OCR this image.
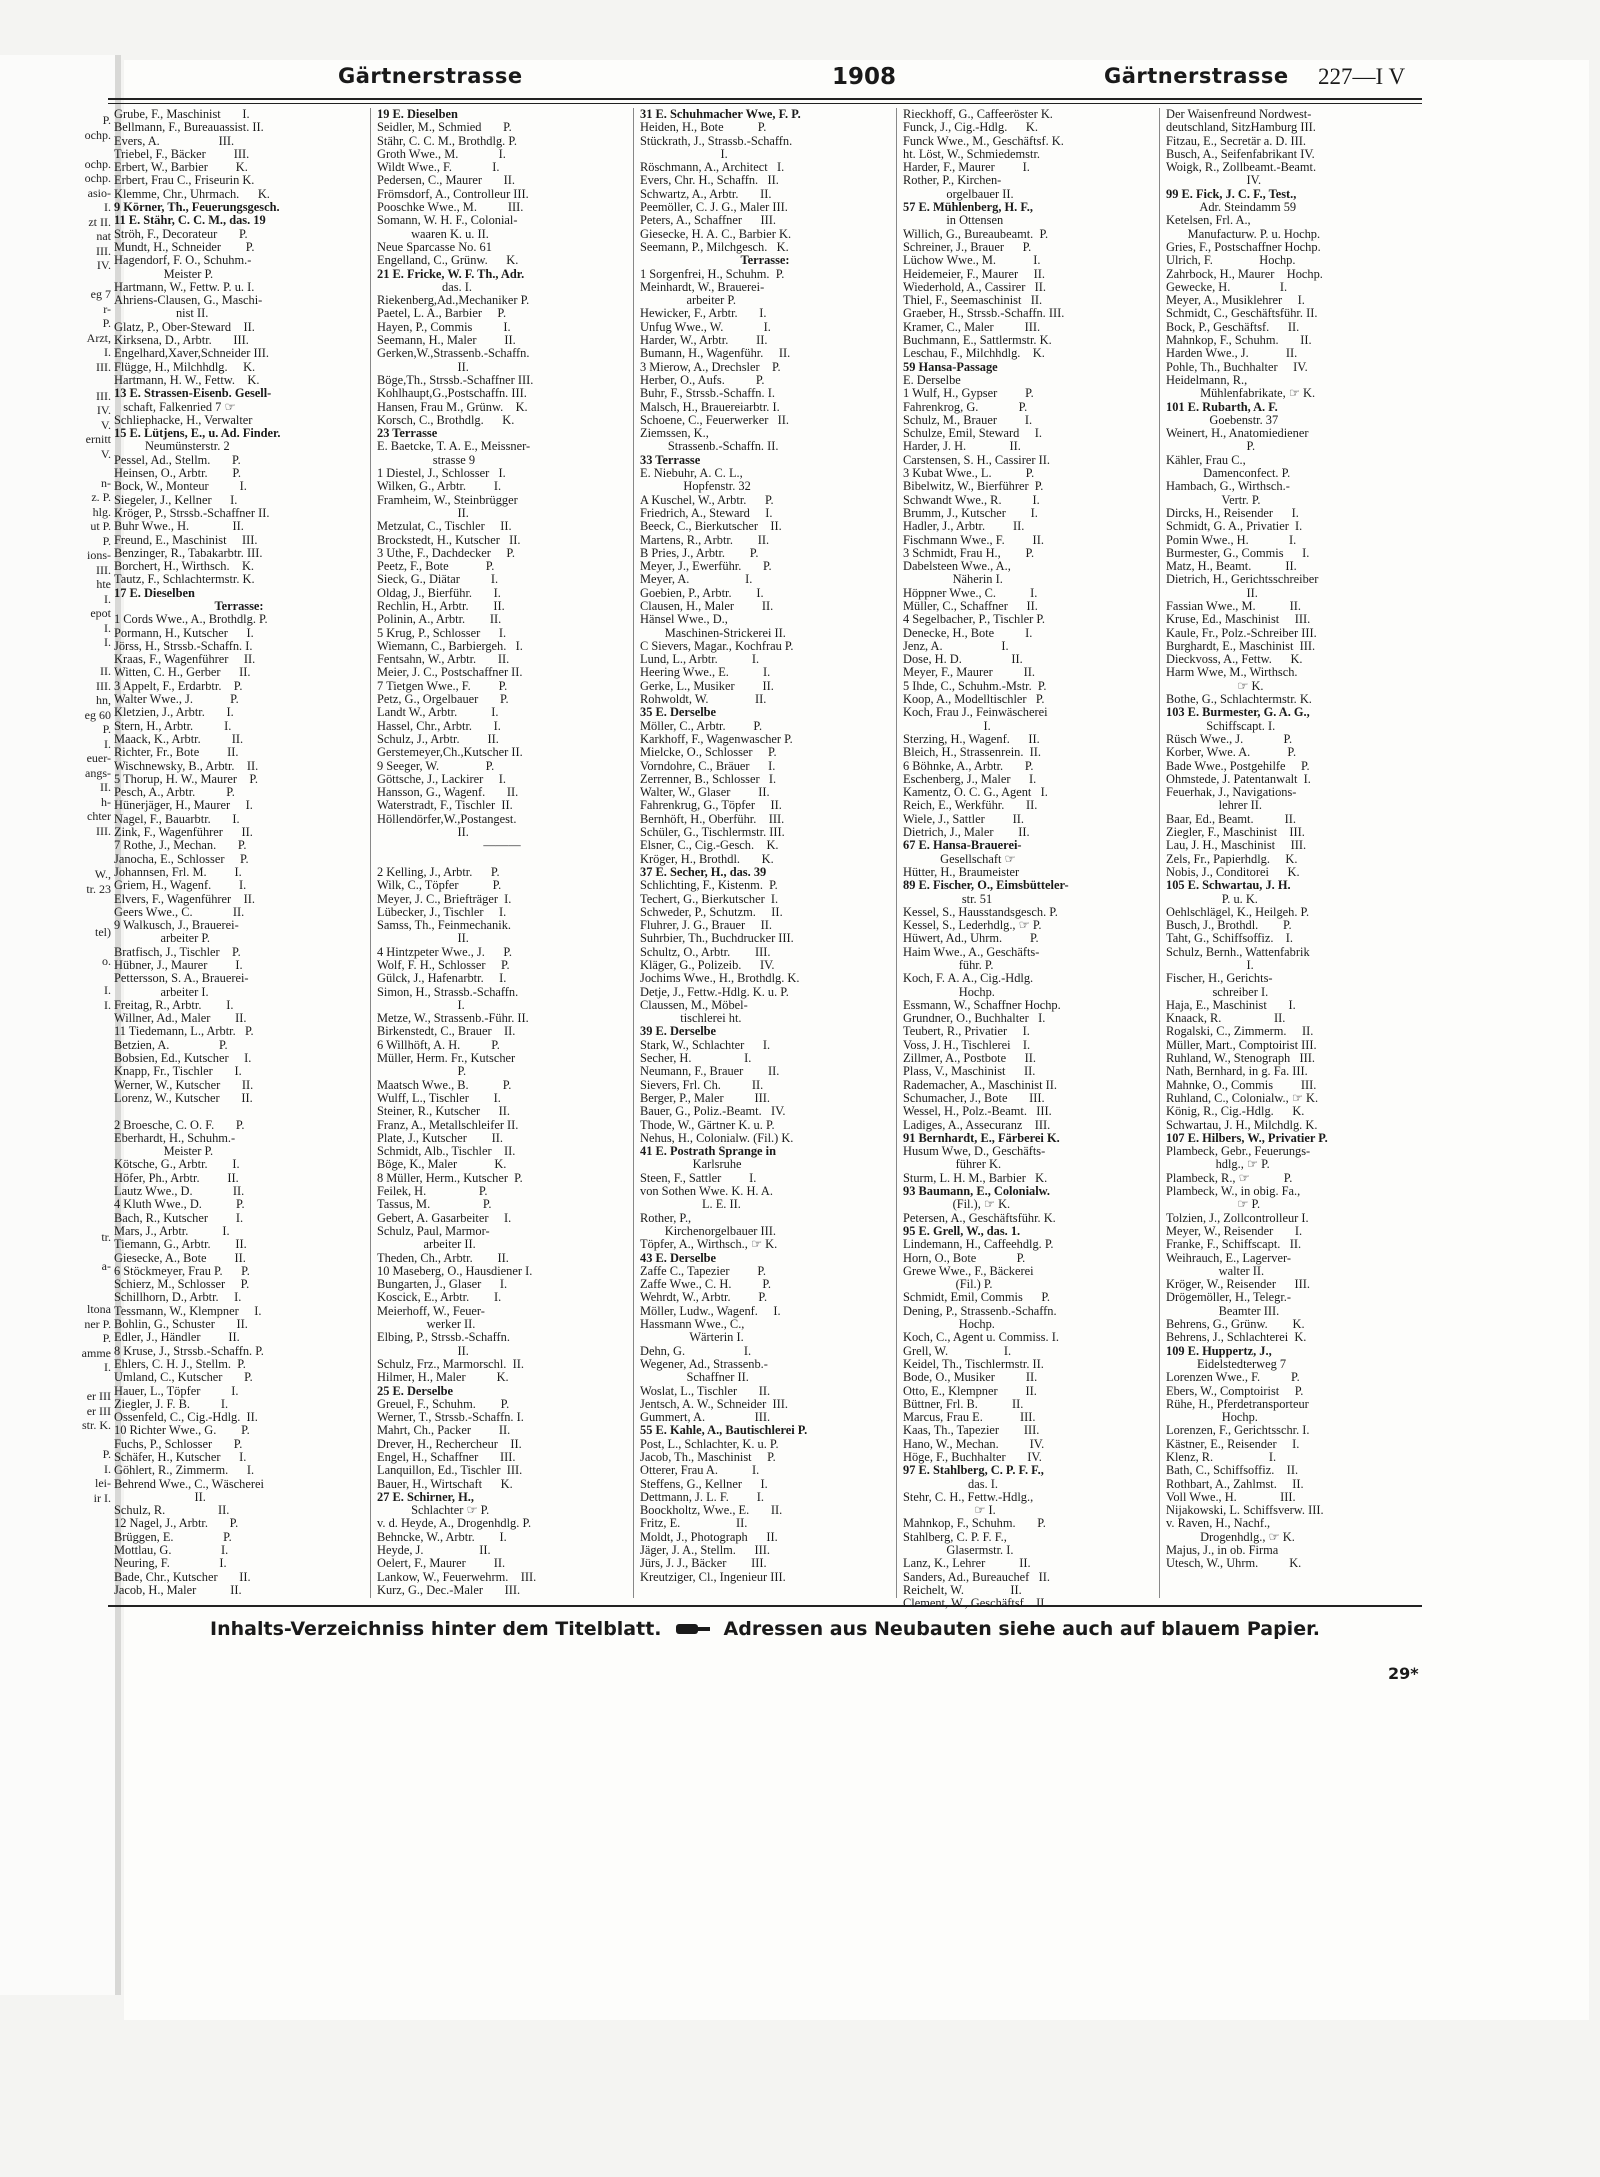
P.
ochp.

ochp.
ochp.
asio-
I.
zt II.
nat
III.
IV.

eg 7
r-
P.
Arzt,
I.
III.

III.
IV.
V.
ernitt
V.

n-
z. P.
hlg.
ut P.
P.
ions-
III.
hte
I.
epot
I.
I.

II.
III.
hn,
eg 60
P.
I.
euer-
angs-
II.
h-
chter
III.

W.,
tr. 23

tel)

o.

I.
I.

tr.

a-

ltona
ner P.
P.
amme
I.

er III
er III
str. K.

P.
I.
lei-
ir I.
Gärtnerstrasse	1908	Gärtnerstrasse 227—I V
Grube, F., Maschinist       I.
Bellmann, F., Bureauassist. II.
Evers, A.                   III.
Triebel, F., Bäcker         III.
Erbert, W., Barbier         K.
Erbert, Frau C., Friseurin K.
Klemme, Chr., Uhrmach.      K.
9 Körner, Th., Feuerungsgesch.
11 E. Stähr, C. C. M., das. 19
Ströh, F., Decorateur       P.
Mundt, H., Schneider        P.
Hagendorf, F. O., Schuhm.-
Meister P.
Hartmann, W., Fettw. P. u. I.
Ahriens-Clausen, G., Maschi-
nist II.
Glatz, P., Ober-Steward    II.
Kirksena, D., Arbtr.       III.
Engelhard,Xaver,Schneider III.
Flügge, H., Milchhdlg.     K.
Hartmann, H. W., Fettw.    K.
13 E. Strassen-Eisenb. Gesell-
schaft, Falkenried 7 ☞
Schliephacke, H., Verwalter
15 E. Lütjens, E., u. Ad. Finder.
Neumünsterstr. 2
Pessel, Ad., Stellm.       P.
Heinsen, O., Arbtr.        P.
Bock, W., Monteur          I.
Siegeler, J., Kellner      I.
Kröger, P., Strssb.-Schaffner II.
Buhr Wwe., H.              II.
Freund, E., Maschinist     III.
Benzinger, R., Tabakarbtr. III.
Borchert, H., Wirthsch.    K.
Tautz, F., Schlachtermstr. K.
17 E. Dieselben
Terrasse:
1 Cords Wwe., A., Brothdlg. P.
Pormann, H., Kutscher      I.
Jörss, H., Strssb.-Schaffn. I.
Kraas, F., Wagenführer     II.
Witten, C. H., Gerber      II.
3 Appelt, F., Erdarbtr.    P.
Walter Wwe., J.            P.
Kletzien, J., Arbtr.       I.
Stern, H., Arbtr.          I.
Maack, K., Arbtr.          II.
Richter, Fr., Bote         II.
Wischnewsky, B., Arbtr.    II.
5 Thorup, H. W., Maurer    P.
Pesch, A., Arbtr.          P.
Hünerjäger, H., Maurer     I.
Nagel, F., Bauarbtr.       I.
Zink, F., Wagenführer      II.
7 Rothe, J., Mechan.       P.
Janocha, E., Schlosser     P.
Johannsen, Frl. M.         I.
Griem, H., Wagenf.         I.
Elvers, F., Wagenführer    II.
Geers Wwe., C.             II.
9 Walkusch, J., Brauerei-
arbeiter P.
Bratfisch, J., Tischler    P.
Hübner, J., Maurer         I.
Pettersson, S. A., Brauerei-
arbeiter I.
Freitag, R., Arbtr.        I.
Willner, Ad., Maler        II.
11 Tiedemann, L., Arbtr.   P.
Betzien, A.                P.
Bobsien, Ed., Kutscher     I.
Knapp, Fr., Tischler       I.
Werner, W., Kutscher       II.
Lorenz, W., Kutscher       II.

2 Broesche, C. O. F.       P.
Eberhardt, H., Schuhm.-
Meister P.
Kötsche, G., Arbtr.        I.
Höfer, Ph., Arbtr.         II.
Lautz Wwe., D.             II.
4 Kluth Wwe., D.           P.
Bach, R., Kutscher         I.
Mars, J., Arbtr.           I.
Tiemann, G., Arbtr.        II.
Giesecke, A., Bote         II.
6 Stöckmeyer, Frau P.      P.
Schierz, M., Schlosser     P.
Schillhorn, D., Arbtr.     I.
Tessmann, W., Klempner     I.
Bohlin, G., Schuster       II.
Edler, J., Händler         II.
8 Kruse, J., Strssb.-Schaffn. P.
Ehlers, C. H. J., Stellm.  P.
Umland, C., Kutscher       P.
Hauer, L., Töpfer          I.
Ziegler, J. F. B.          I.
Ossenfeld, C., Cig.-Hdlg.  II.
10 Richter Wwe., G.        P.
Fuchs, P., Schlosser       P.
Schäfer, H., Kutscher      I.
Göhlert, R., Zimmerm.      I.
Behrend Wwe., C., Wäscherei
II.
Schulz, R.                 II.
12 Nagel, J., Arbtr.       P.
Brüggen, E.                P.
Mottlau, G.                I.
Neuring, F.                I.
Bade, Chr., Kutscher       II.
Jacob, H., Maler           II.
19 E. Dieselben
Seidler, M., Schmied       P.
Stähr, C. C. M., Brothdlg. P.
Groth Wwe., M.             I.
Wildt Wwe., F.             I.
Pedersen, C., Maurer       II.
Frömsdorf, A., Controlleur III.
Pooschke Wwe., M.          III.
Somann, W. H. F., Colonial-
waaren K. u. II.
Neue Sparcasse No. 61
Engelland, C., Grünw.      K.
21 E. Fricke, W. F. Th., Adr.
das. I.
Riekenberg,Ad.,Mechaniker P.
Paetel, L. A., Barbier     P.
Hayen, P., Commis          I.
Seemann, H., Maler         II.
Gerken,W.,Strassenb.-Schaffn.
II.
Böge,Th., Strssb.-Schaffner III.
Kohlhaupt,G.,Postschaffn. III.
Hansen, Frau M., Grünw.    K.
Korsch, C., Brothdlg.      K.
23 Terrasse
E. Baetcke, T. A. E., Meissner-
strasse 9
1 Diestel, J., Schlosser   I.
Wilken, G., Arbtr.         I.
Framheim, W., Steinbrügger
II.
Metzulat, C., Tischler     II.
Brockstedt, H., Kutscher   II.
3 Uthe, F., Dachdecker     P.
Peetz, F., Bote            P.
Sieck, G., Diätar          I.
Oldag, J., Bierführ.       I.
Rechlin, H., Arbtr.        II.
Polinin, A., Arbtr.        II.
5 Krug, P., Schlosser      I.
Wiemann, C., Barbiergeh.   I.
Fentsahn, W., Arbtr.       II.
Meier, J. C., Postschaffner II.
7 Tietgen Wwe., F.         P.
Petz, G., Orgelbauer       P.
Landt W., Arbtr.           I.
Hassel, Chr., Arbtr.       I.
Schulz, J., Arbtr.         II.
Gerstemeyer,Ch.,Kutscher II.
9 Seeger, W.               P.
Göttsche, J., Lackirer     I.
Hansson, G., Wagenf.       II.
Waterstradt, F., Tischler  II.
Höllendörfer,W.,Postangest.
II.
———

2 Kelling, J., Arbtr.      P.
Wilk, C., Töpfer           P.
Meyer, J. C., Briefträger  I.
Lübecker, J., Tischler     I.
Samss, Th., Feinmechanik.
II.
4 Hintzpeter Wwe., J.      P.
Wolf, F. H., Schlosser     P.
Gülck, J., Hafenarbtr.     I.
Simon, H., Strassb.-Schaffn.
I.
Metze, W., Strassenb.-Führ. II.
Birkenstedt, C., Brauer    II.
6 Willhöft, A. H.          P.
Müller, Herm. Fr., Kutscher
P.
Maatsch Wwe., B.           P.
Wulff, L., Tischler        I.
Steiner, R., Kutscher      II.
Franz, A., Metallschleifer II.
Plate, J., Kutscher        II.
Schmidt, Alb., Tischler    II.
Böge, K., Maler            K.
8 Müller, Herm., Kutscher  P.
Feilek, H.                 P.
Tassus, M.                 P.
Gebert, A. Gasarbeiter     I.
Schulz, Paul, Marmor-
arbeiter II.
Theden, Ch., Arbtr.        II.
10 Maseberg, O., Hausdiener I.
Bungarten, J., Glaser      I.
Koscick, E., Arbtr.        I.
Meierhoff, W., Feuer-
werker II.
Elbing, P., Strssb.-Schaffn.
II.
Schulz, Frz., Marmorschl.  II.
Hilmer, H., Maler          K.
25 E. Derselbe
Greuel, F., Schuhm.        P.
Werner, T., Strssb.-Schaffn. I.
Mahrt, Ch., Packer         II.
Drever, H., Rechercheur    II.
Engel, H., Schaffner       III.
Lanquillon, Ed., Tischler  III.
Bauer, H., Wirtschaft      K.
27 E. Schirner, H.,
Schlachter ☞ P.
v. d. Heyde, A., Drogenhdlg. P.
Behncke, W., Arbtr.        I.
Heyde, J.                  II.
Oelert, F., Maurer         II.
Lankow, W., Feuerwehrm.    III.
Kurz, G., Dec.-Maler       III.
31 E. Schuhmacher Wwe, F. P.
Heiden, H., Bote           P.
Stückrath, J., Strassb.-Schaffn.
I.
Röschmann, A., Architect   I.
Evers, Chr. H., Schaffn.   II.
Schwartz, A., Arbtr.       II.
Peemöller, C. J. G., Maler III.
Peters, A., Schaffner      III.
Giesecke, H. A. C., Barbier K.
Seemann, P., Milchgesch.   K.
Terrasse:
1 Sorgenfrei, H., Schuhm.  P.
Meinhardt, W., Brauerei-
arbeiter P.
Hewicker, F., Arbtr.       I.
Unfug Wwe., W.             I.
Harder, W., Arbtr.         II.
Bumann, H., Wagenführ.     II.
3 Mierow, A., Drechsler    P.
Herber, O., Aufs.          P.
Buhr, F., Strssb.-Schaffn. I.
Malsch, H., Brauereiarbtr. I.
Schoene, C., Feuerwerker   II.
Ziemssen, K.,
Strassenb.-Schaffn. II.
33 Terrasse
E. Niebuhr, A. C. L.,
Hopfenstr. 32
A Kuschel, W., Arbtr.      P.
Friedrich, A., Steward     I.
Beeck, C., Bierkutscher    II.
Martens, R., Arbtr.        II.
B Pries, J., Arbtr.        P.
Meyer, J., Ewerführ.       P.
Meyer, A.                  I.
Goebien, P., Arbtr.        I.
Clausen, H., Maler         II.
Hänsel Wwe., D.,
Maschinen-Strickerei II.
C Sievers, Magar., Kochfrau P.
Lund, L., Arbtr.           I.
Heering Wwe., E.           I.
Gerke, L., Musiker         II.
Rohwoldt, W.               II.
35 E. Derselbe
Möller, C., Arbtr.         P.
Karkhoff, F., Wagenwascher P.
Mielcke, O., Schlosser     P.
Vorndohre, C., Bräuer      I.
Zerrenner, B., Schlosser   I.
Walter, W., Glaser         II.
Fahrenkrug, G., Töpfer     II.
Bernhöft, H., Oberführ.    III.
Schüler, G., Tischlermstr. III.
Elsner, C., Cig.-Gesch.    K.
Kröger, H., Brothdl.       K.
37 E. Secher, H., das. 39
Schlichting, F., Kistenm.  P.
Techert, G., Bierkutscher  I.
Schweder, P., Schutzm.     II.
Fluhrer, J. G., Brauer     II.
Suhrbier, Th., Buchdrucker III.
Schultz, O., Arbtr.        III.
Kläger, G., Polizeib.      IV.
Jochims Wwe., H., Brothdlg. K.
Detje, J., Fettw.-Hdlg. K. u. P.
Claussen, M., Möbel-
tischlerei ht.
39 E. Derselbe
Stark, W., Schlachter      I.
Secher, H.                 I.
Neumann, F., Brauer        II.
Sievers, Frl. Ch.          II.
Berger, P., Maler          III.
Bauer, G., Poliz.-Beamt.   IV.
Thode, W., Gärtner K. u. P.
Nehus, H., Colonialw. (Fil.) K.
41 E. Postrath Sprange in
Karlsruhe
Steen, F., Sattler         I.
von Sothen Wwe. K. H. A.
L. E. II.
Rother, P.,
Kirchenorgelbauer III.
Töpfer, A., Wirthsch., ☞ K.
43 E. Derselbe
Zaffe C., Tapezier         P.
Zaffe Wwe., C. H.          P.
Wehrdt, W., Arbtr.         P.
Möller, Ludw., Wagenf.     I.
Hassmann Wwe., C.,
Wärterin I.
Dehn, G.                   I.
Wegener, Ad., Strassenb.-
Schaffner II.
Woslat, L., Tischler       II.
Jentsch, A. W., Schneider  III.
Gummert, A.                III.
55 E. Kahle, A., Bautischlerei P.
Post, L., Schlachter, K. u. P.
Jacob, Th., Maschinist     P.
Otterer, Frau A.           I.
Steffens, G., Kellner      I.
Dettmann, J. L. F.         I.
Boockholtz, Wwe., E.       II.
Fritz, E.                  II.
Moldt, J., Photograph      II.
Jäger, J. A., Stellm.      III.
Jürs, J. J., Bäcker        III.
Kreutziger, Cl., Ingenieur III.
Rieckhoff, G., Caffeeröster K.
Funck, J., Cig.-Hdlg.      K.
Funck Wwe., M., Geschäftsf. K.
ht. Löst, W., Schmiedemstr.
Harder, F., Maurer         I.
Rother, P., Kirchen-
orgelbauer II.
57 E. Mühlenberg, H. F.,
in Ottensen
Willich, G., Bureaubeamt.  P.
Schreiner, J., Brauer      P.
Lüchow Wwe., M.            I.
Heidemeier, F., Maurer     II.
Wiederhold, A., Cassirer   II.
Thiel, F., Seemaschinist   II.
Graeber, H., Strssb.-Schaffn. III.
Kramer, C., Maler          III.
Buchmann, E., Sattlermstr. K.
Leschau, F., Milchhdlg.    K.
59 Hansa-Passage
E. Derselbe
1 Wulf, H., Gypser         P.
Fahrenkrog, G.             P.
Schulz, M., Brauer         I.
Schulze, Emil, Steward     I.
Harder, J. H.              II.
Carstensen, S. H., Cassirer II.
3 Kubat Wwe., L.           P.
Bibelwitz, W., Bierführer  P.
Schwandt Wwe., R.          I.
Brumm, J., Kutscher        I.
Hadler, J., Arbtr.         II.
Fischmann Wwe., F.         II.
3 Schmidt, Frau H.,        P.
Dabelsteen Wwe., A.,
Näherin I.
Höppner Wwe., C.           I.
Müller, C., Schaffner      II.
4 Segelbacher, P., Tischler P.
Denecke, H., Bote          I.
Jenz, A.                   I.
Dose, H. D.                II.
Meyer, F., Maurer          II.
5 Ihde, C., Schuhm.-Mstr.  P.
Koop, A., Modelltischler   P.
Koch, Frau J., Feinwäscherei
I.
Sterzing, H., Wagenf.      II.
Bleich, H., Strassenrein.  II.
6 Böhnke, A., Arbtr.       P.
Eschenberg, J., Maler      I.
Kamentz, O. C. G., Agent   I.
Reich, E., Werkführ.       II.
Wiele, J., Sattler         II.
Dietrich, J., Maler        II.
67 E. Hansa-Brauerei-
Gesellschaft ☞
Hütter, H., Braumeister
89 E. Fischer, O., Eimsbütteler-
str. 51
Kessel, S., Hausstandsgesch. P.
Kessel, S., Lederhdlg., ☞ P.
Hüwert, Ad., Uhrm.         P.
Haim Wwe., A., Geschäfts-
führ. P.
Koch, F. A. A., Cig.-Hdlg.
Hochp.
Essmann, W., Schaffner Hochp.
Grundner, O., Buchhalter   I.
Teubert, R., Privatier     I.
Voss, J. H., Tischlerei    I.
Zillmer, A., Postbote      II.
Plass, V., Maschinist      II.
Rademacher, A., Maschinist II.
Schumacher, J., Bote       III.
Wessel, H., Polz.-Beamt.   III.
Ladiges, A., Assecuranz    III.
91 Bernhardt, E., Färberei K.
Husum Wwe, D., Geschäfts-
führer K.
Sturm, L. H. M., Barbier   K.
93 Baumann, E., Colonialw.
(Fil.), ☞ K.
Petersen, A., Geschäftsführ. K.
95 E. Grell, W., das. 1.
Lindemann, H., Caffeehdlg. P.
Horn, O., Bote             P.
Grewe Wwe., F., Bäckerei
(Fil.) P.
Schmidt, Emil, Commis      P.
Dening, P., Strassenb.-Schaffn.
Hochp.
Koch, C., Agent u. Commiss. I.
Grell, W.                  I.
Keidel, Th., Tischlermstr. II.
Bode, O., Musiker          II.
Otto, E., Klempner         II.
Büttner, Frl. B.           II.
Marcus, Frau E.            III.
Kaas, Th., Tapezier        III.
Hano, W., Mechan.          IV.
Höge, F., Buchhalter       IV.
97 E. Stahlberg, C. P. F. F.,
das. I.
Stehr, C. H., Fettw.-Hdlg.,
☞ I.
Mahnkop, F., Schuhm.       P.
Stahlberg, C. P. F. F.,
Glasermstr. I.
Lanz, K., Lehrer           II.
Sanders, Ad., Bureauchef   II.
Reichelt, W.               II.
Clement, W., Geschäftsf.   II.
Der Waisenfreund Nordwest-
deutschland, SitzHamburg III.
Fitzau, E., Secretär a. D. III.
Busch, A., Seifenfabrikant IV.
Woigk, R., Zollbeamt.-Beamt.
IV.
99 E. Fick, J. C. F., Test.,
Adr. Steindamm 59
Ketelsen, Frl. A.,
Manufacturw. P. u. Hochp.
Gries, F., Postschaffner Hochp.
Ulrich, F.               Hochp.
Zahrbock, H., Maurer    Hochp.
Gewecke, H.                I.
Meyer, A., Musiklehrer     I.
Schmidt, C., Geschäftsführ. II.
Bock, P., Geschäftsf.      II.
Mahnkop, F., Schuhm.       II.
Harden Wwe., J.            II.
Pohle, Th., Buchhalter     IV.
Heidelmann, R.,
Mühlenfabrikate, ☞ K.
101 E. Rubarth, A. F.
Goebenstr. 37
Weinert, H., Anatomiediener
P.
Kähler, Frau C.,
Damenconfect. P.
Hambach, G., Wirthsch.-
Vertr. P.
Dircks, H., Reisender      I.
Schmidt, G. A., Privatier  I.
Pomin Wwe., H.             I.
Burmester, G., Commis      I.
Matz, H., Beamt.           II.
Dietrich, H., Gerichtsschreiber
II.
Fassian Wwe., M.           II.
Kruse, Ed., Maschinist     III.
Kaule, Fr., Polz.-Schreiber III.
Burghardt, E., Maschinist  III.
Dieckvoss, A., Fettw.      K.
Harm Wwe, M., Wirthsch.
☞ K.
Bothe, G., Schlachtermstr. K.
103 E. Burmester, G. A. G.,
Schiffscapt. I.
Rüsch Wwe., J.             P.
Korber, Wwe. A.            P.
Bade Wwe., Postgehilfe     P.
Ohmstede, J. Patentanwalt  I.
Feuerhak, J., Navigations-
lehrer II.
Baar, Ed., Beamt.          II.
Ziegler, F., Maschinist    III.
Lau, J. H., Maschinist     III.
Zels, Fr., Papierhdlg.     K.
Nobis, J., Conditorei      K.
105 E. Schwartau, J. H.
P. u. K.
Oehlschlägel, K., Heilgeh. P.
Busch, J., Brothdl.        P.
Taht, G., Schiffsoffiz.    I.
Schulz, Bernh., Wattenfabrik
I.
Fischer, H., Gerichts-
schreiber I.
Haja, E., Maschinist       I.
Knaack, R.                 II.
Rogalski, C., Zimmerm.     II.
Müller, Mart., Comptoirist III.
Ruhland, W., Stenograph   III.
Nath, Bernhard, in g. Fa. III.
Mahnke, O., Commis         III.
Ruhland, C., Colonialw., ☞ K.
König, R., Cig.-Hdlg.      K.
Schwartau, J. H., Milchdlg. K.
107 E. Hilbers, W., Privatier P.
Plambeck, Gebr., Feuerungs-
hdlg., ☞ P.
Plambeck, R., ☞           P.
Plambeck, W., in obig. Fa.,
☞ P.
Tolzien, J., Zollcontrolleur I.
Meyer, W., Reisender       I.
Franke, F., Schiffscapt.   II.
Weihrauch, E., Lagerver-
walter II.
Kröger, W., Reisender      III.
Drögemöller, H., Telegr.-
Beamter III.
Behrens, G., Grünw.        K.
Behrens, J., Schlachterei  K.
109 E. Huppertz, J.,
Eidelstedterweg 7
Lorenzen Wwe., F.          P.
Ebers, W., Comptoirist     P.
Rühe, H., Pferdetransporteur
Hochp.
Lorenzen, F., Gerichtsschr. I.
Kästner, E., Reisender     I.
Klenz, R.                  I.
Bath, C., Schiffsoffiz.    II.
Rothbart, A., Zahlmst.     II.
Voll Wwe., H.              III.
Nijakowski, L. Schiffsverw. III.
v. Raven, H., Nachf.,
Drogenhdlg., ☞ K.
Majus, J., in ob. Firma
Utesch, W., Uhrm.          K.
Inhalts-Verzeichniss hinter dem Titelblatt.	Adressen aus Neubauten siehe auch auf blauem Papier.
29*
